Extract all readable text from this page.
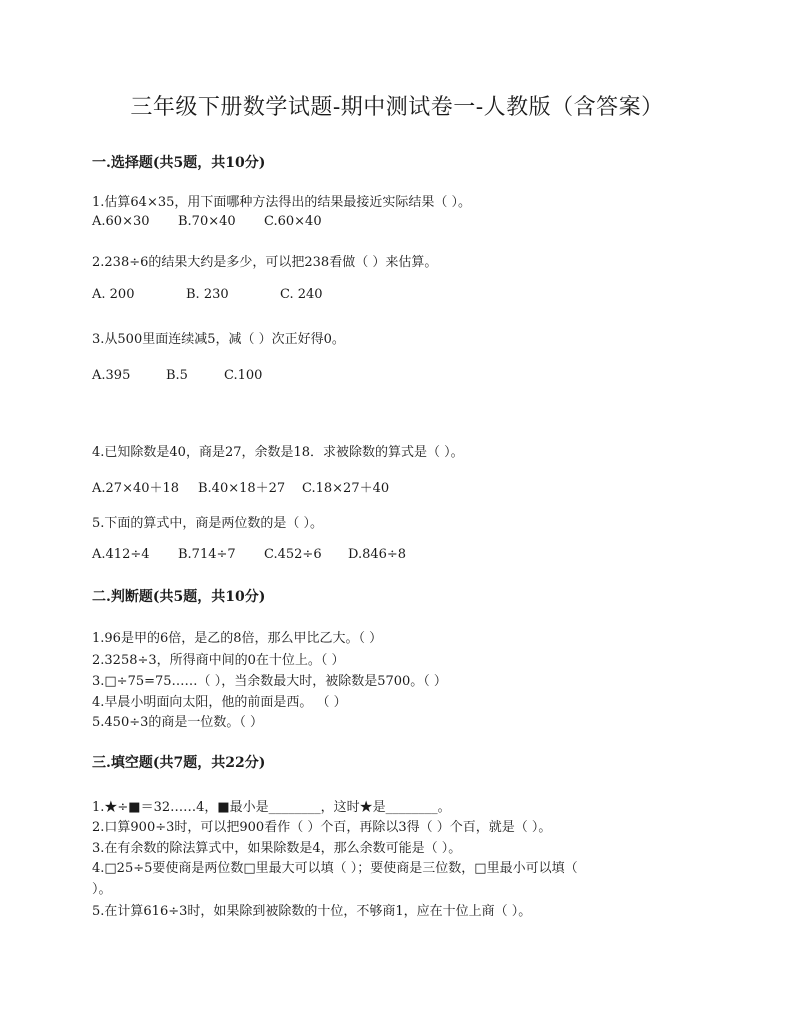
三年级下册数学试题-期中测试卷一-人教版（含答案）
一.选择题(共5题，共10分)
1.估算64×35，用下面哪种方法得出的结果最接近实际结果（ ）。
A.60×30	B.70×40	C.60×40
2.238÷6的结果大约是多少，可以把238看做（ ）来估算。
A. 200	B. 230	C. 240
3.从500里面连续减5，减（ ）次正好得0。
A.395	B.5	C.100
4.已知除数是40，商是27，余数是18．求被除数的算式是（ ）。
A.27×40＋18	B.40×18＋27	C.18×27＋40
5.下面的算式中，商是两位数的是（ ）。
A.412÷4	B.714÷7	C.452÷6	D.846÷8
二.判断题(共5题，共10分)
1.96是甲的6倍，是乙的8倍，那么甲比乙大。（ ）
2.3258÷3，所得商中间的0在十位上。（ ）
3.□÷75=75……（ ），当余数最大时，被除数是5700。（ ）
4.早晨小明面向太阳，他的前面是西。 （ ）
5.450÷3的商是一位数。（ ）
三.填空题(共7题，共22分)
1.★÷■＝32……4，■最小是________，这时★是________。
2.口算900÷3时，可以把900看作（ ）个百，再除以3得（ ）个百，就是（ ）。
3.在有余数的除法算式中，如果除数是4，那么余数可能是（ ）。
4.□25÷5要使商是两位数□里最大可以填（ ）；要使商是三位数，□里最小可以填（
）。
5.在计算616÷3时，如果除到被除数的十位，不够商1，应在十位上商（ ）。
